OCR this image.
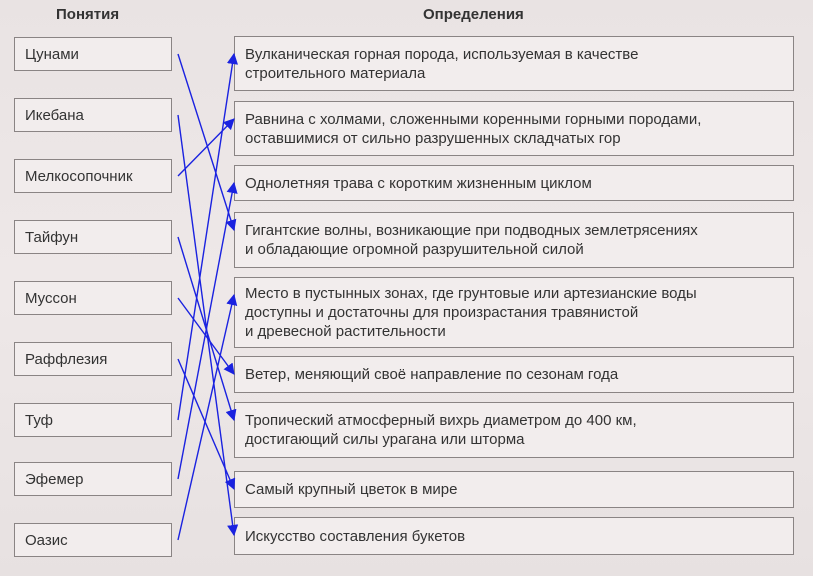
Понятия	Определения
Цунами
Икебана
Мелкосопочник
Тайфун
Муссон
Раффлезия
Туф
Эфемер
Оазис
Вулканическая горная порода, используемая в качестве
строительного материала
Равнина с холмами, сложенными коренными горными породами,
оставшимися от сильно разрушенных складчатых гор
Однолетняя трава с коротким жизненным циклом
Гигантские волны, возникающие при подводных землетрясениях
и обладающие огромной разрушительной силой
Место в пустынных зонах, где грунтовые или артезианские воды
доступны и достаточны для произрастания травянистой
и древесной растительности
Ветер, меняющий своё направление по сезонам года
Тропический атмосферный вихрь диаметром до 400 км,
достигающий силы урагана или шторма
Самый крупный цветок в мире
Искусство составления букетов
